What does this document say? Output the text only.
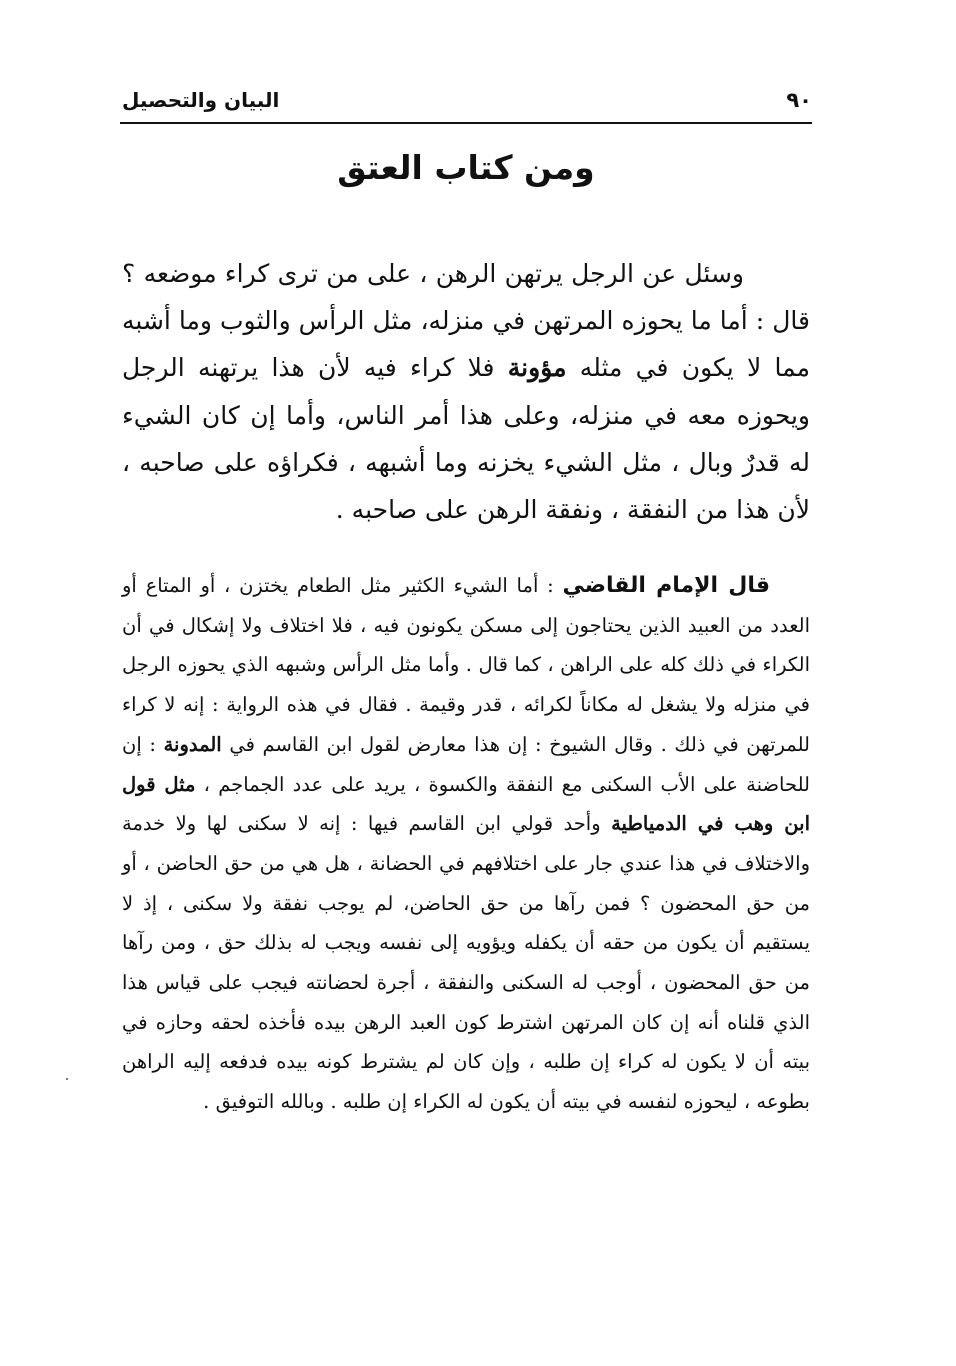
٩٠
البيان والتحصيل
ومن كتاب العتق

وسئل عن الرجل يرتهن الرهن ، على من ترى كراء موضعه ؟ قال : أما ما يحوزه المرتهن في منزله، مثل الرأس والثوب وما أشبه مما لا يكون في مثله مؤونة فلا كراء فيه لأن هذا يرتهنه الرجل ويحوزه معه في منزله، وعلى هذا أمر الناس، وأما إن كان الشيء له قدرٌ وبال ، مثل الشيء يخزنه وما أشبهه ، فكراؤه على صاحبه ، لأن هذا من النفقة ، ونفقة الرهن على صاحبه .

قال الإمام القاضي : أما الشيء الكثير مثل الطعام يختزن ، أو المتاع أو العدد من العبيد الذين يحتاجون إلى مسكن يكونون فيه ، فلا اختلاف ولا إشكال في أن الكراء في ذلك كله على الراهن ، كما قال . وأما مثل الرأس وشبهه الذي يحوزه الرجل في منزله ولا يشغل له مكاناً لكرائه ، قدر وقيمة . فقال في هذه الرواية : إنه لا كراء للمرتهن في ذلك . وقال الشيوخ : إن هذا معارض لقول ابن القاسم في المدونة : إن للحاضنة على الأب السكنى مع النفقة والكسوة ، يريد على عدد الجماجم ، مثل قول ابن وهب في الدمياطية وأحد قولي ابن القاسم فيها : إنه لا سكنى لها ولا خدمة والاختلاف في هذا عندي جار على اختلافهم في الحضانة ، هل هي من حق الحاضن ، أو من حق المحضون ؟ فمن رآها من حق الحاضن، لم يوجب نفقة ولا سكنى ، إذ لا يستقيم أن يكون من حقه أن يكفله ويؤويه إلى نفسه ويجب له بذلك حق ، ومن رآها من حق المحضون ، أوجب له السكنى والنفقة ، أجرة لحضانته فيجب على قياس هذا الذي قلناه أنه إن كان المرتهن اشترط كون العبد الرهن بيده فأخذه لحقه وحازه في بيته أن لا يكون له كراء إن طلبه ، وإن كان لم يشترط كونه بيده فدفعه إليه الراهن بطوعه ، ليحوزه لنفسه في بيته أن يكون له الكراء إن طلبه . وبالله التوفيق .
